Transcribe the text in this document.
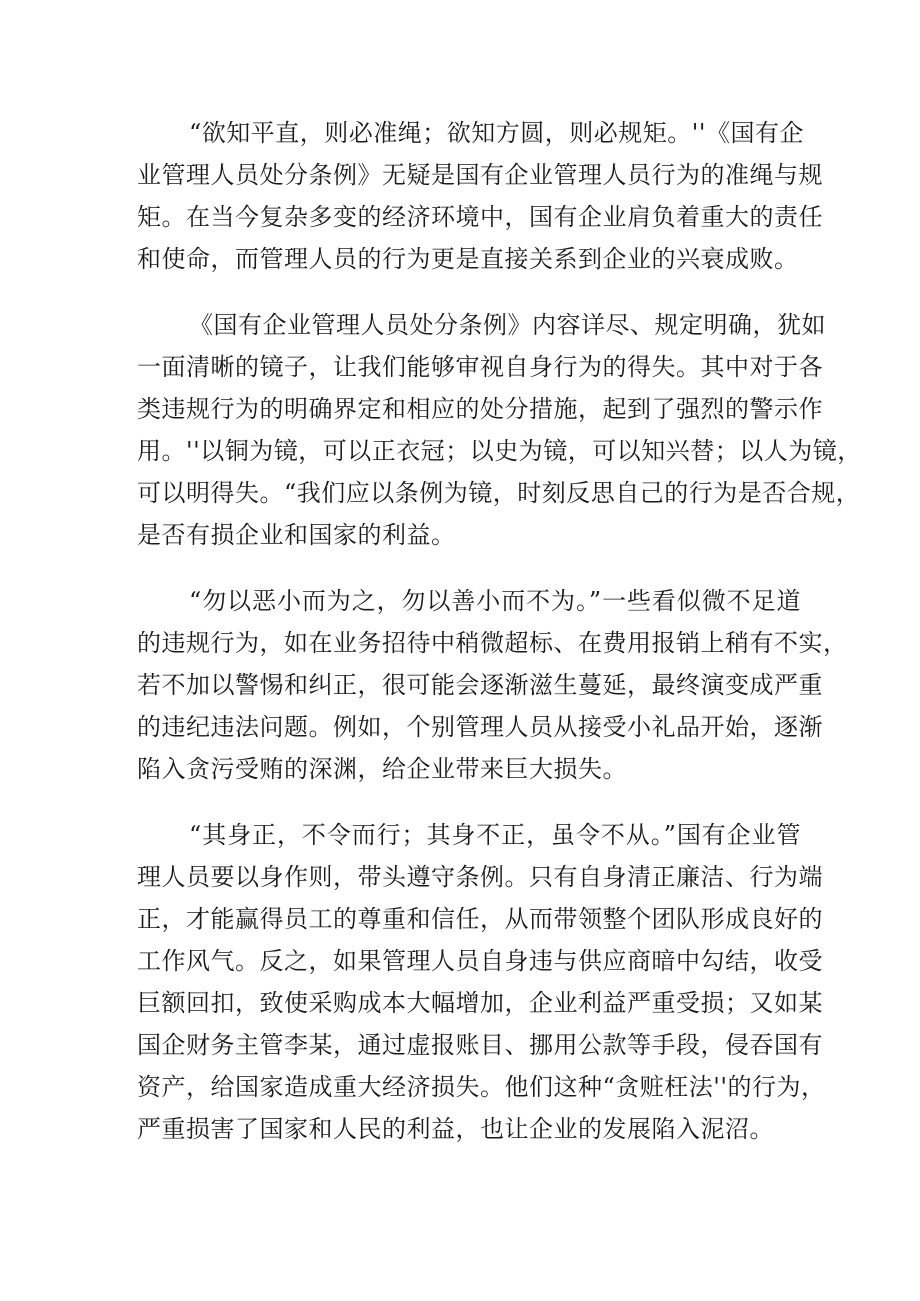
“欲知平直，则必准绳；欲知方圆，则必规矩。''《国有企
业管理人员处分条例》无疑是国有企业管理人员行为的准绳与规
矩。在当今复杂多变的经济环境中，国有企业肩负着重大的责任
和使命，而管理人员的行为更是直接关系到企业的兴衰成败。
《国有企业管理人员处分条例》内容详尽、规定明确，犹如
一面清晰的镜子，让我们能够审视自身行为的得失。其中对于各
类违规行为的明确界定和相应的处分措施，起到了强烈的警示作
用。''以铜为镜，可以正衣冠；以史为镜，可以知兴替；以人为镜，
可以明得失。“我们应以条例为镜，时刻反思自己的行为是否合规，
是否有损企业和国家的利益。
“勿以恶小而为之，勿以善小而不为。”一些看似微不足道
的违规行为，如在业务招待中稍微超标、在费用报销上稍有不实，
若不加以警惕和纠正，很可能会逐渐滋生蔓延，最终演变成严重
的违纪违法问题。例如，个别管理人员从接受小礼品开始，逐渐
陷入贪污受贿的深渊，给企业带来巨大损失。
“其身正，不令而行；其身不正，虽令不从。”国有企业管
理人员要以身作则，带头遵守条例。只有自身清正廉洁、行为端
正，才能赢得员工的尊重和信任，从而带领整个团队形成良好的
工作风气。反之，如果管理人员自身违与供应商暗中勾结，收受
巨额回扣，致使采购成本大幅增加，企业利益严重受损；又如某
国企财务主管李某，通过虚报账目、挪用公款等手段，侵吞国有
资产，给国家造成重大经济损失。他们这种“贪赃枉法''的行为，
严重损害了国家和人民的利益，也让企业的发展陷入泥沼。
